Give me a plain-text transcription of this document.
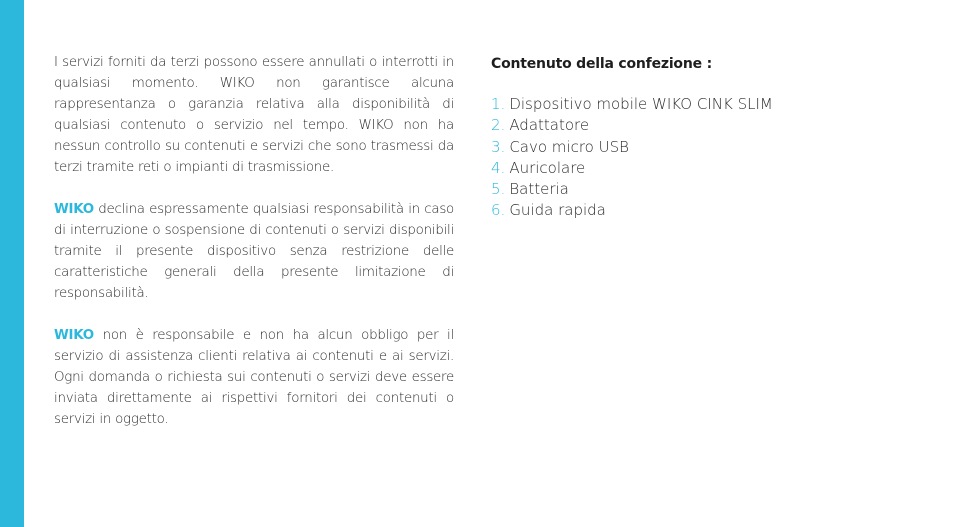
I servizi forniti da terzi possono essere annullati o interrotti in qualsiasi momento. WIKO non garantisce alcuna rappresentanza o garanzia relativa alla disponibilità di qualsiasi contenuto o servizio nel tempo. WIKO non ha nessun controllo su contenuti e servizi che sono trasmessi da terzi tramite reti o impianti di trasmissione.

WIKO declina espressamente qualsiasi responsabilità in caso di interruzione o sospensione di contenuti o servizi disponibili tramite il presente dispositivo senza restrizione delle caratteristiche generali della presente limitazione di responsabilità.

WIKO non è responsabile e non ha alcun obbligo per il servizio di assistenza clienti relativa ai contenuti e ai servizi. Ogni domanda o richiesta sui contenuti o servizi deve essere inviata direttamente ai rispettivi fornitori dei contenuti o servizi in oggetto.

Contenuto della confezione :
1. Dispositivo mobile WIKO CINK SLIM
2. Adattatore
3. Cavo micro USB
4. Auricolare
5. Batteria
6. Guida rapida
